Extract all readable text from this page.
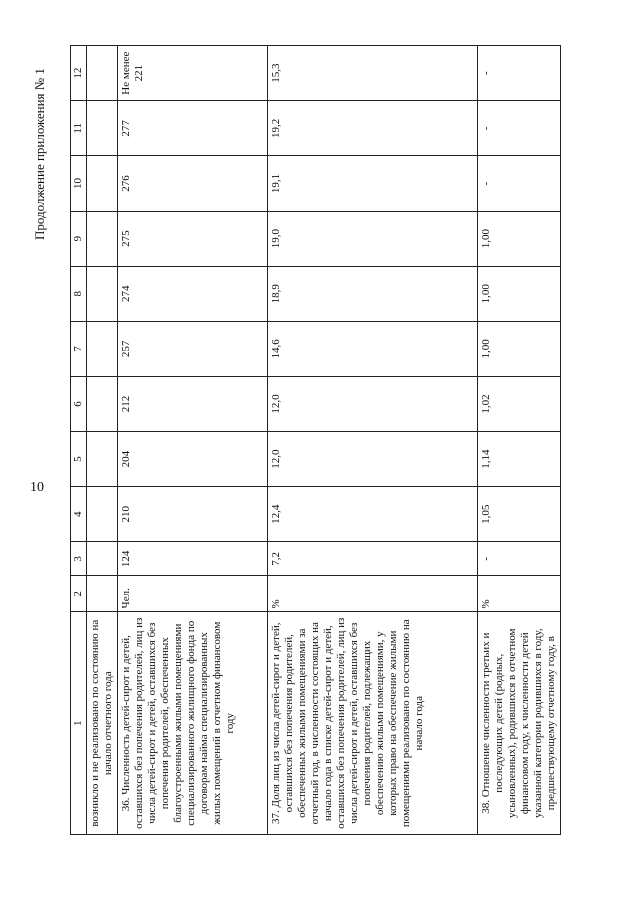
10
Продолжение приложения № 1
1	2	3	4	5	6	7	8	9	10	11	12
возникло и не реализовано по состоянию на начало отчетного года											
36. Численность детей-сирот и детей, оставшихся без попечения родителей, лиц из числа детей-сирот и детей, оставшихся без попечения родителей, обеспеченных благоустроенными жилыми помещениями специализированного жилищного фонда по договорам найма специализированных жилых помещений в отчетном финансовом году	Чел.	124	210	204	212	257	274	275	276	277	Не менее 221
37. Доля лиц из числа детей-сирот и детей, оставшихся без попечения родителей, обеспеченных жилыми помещениями за отчетный год, в численности состоящих на начало года в списке детей-сирот и детей, оставшихся без попечения родителей, лиц из числа детей-сирот и детей, оставшихся без попечения родителей, подлежащих обеспечению жилыми помещениями, у которых право на обеспечение жилыми помещениями реализовано по состоянию на начало года	%	7,2	12,4	12,0	12,0	14,6	18,9	19,0	19,1	19,2	15,3
38. Отношение численности третьих и последующих детей (родных, усыновленных), родившихся в отчетном финансовом году, к численности детей указанной категории родившихся в году, предшествующему отчетному году, в	%	-	1,05	1,14	1,02	1,00	1,00	1,00	-	-	-
